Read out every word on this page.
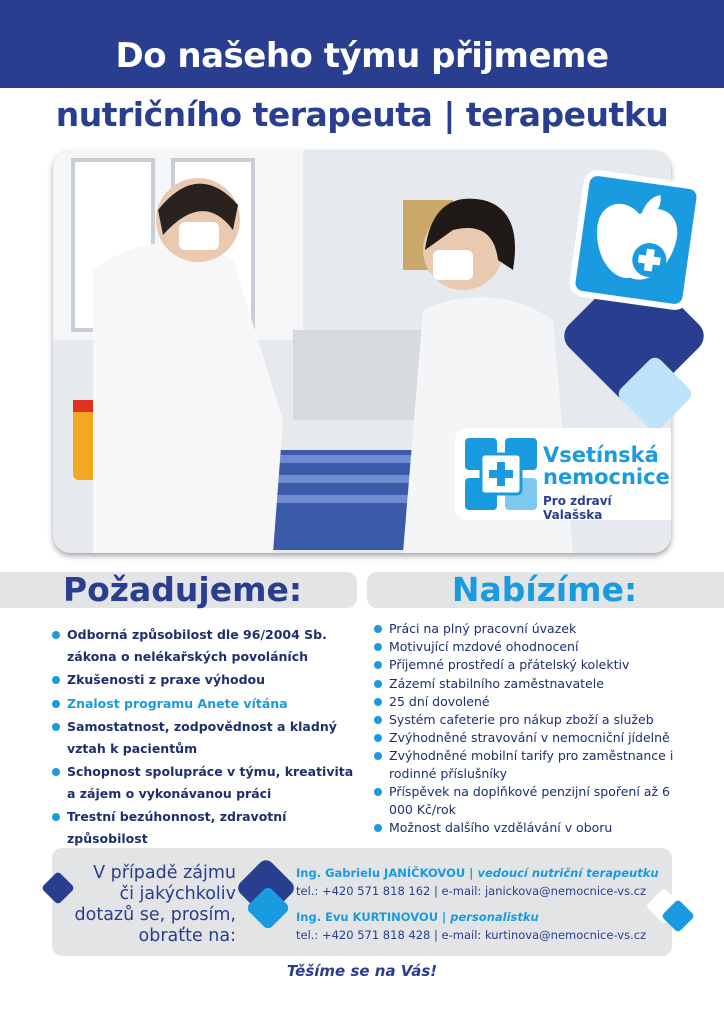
Do našeho týmu přijmeme
nutričního terapeuta | terapeutku
Vsetínská
nemocnice
Pro zdraví Valašska
Požadujeme:	Nabízíme:
Odborná způsobilost dle 96/2004 Sb. zákona o nelékařských povoláních
Zkušenosti z praxe výhodou
Znalost programu Anete vítána
Samostatnost, zodpovědnost a kladný vztah k pacientům
Schopnost spolupráce v týmu, kreativita a zájem o vykonávanou práci
Trestní bezúhonnost, zdravotní způsobilost
Práci na plný pracovní úvazek
Motivující mzdové ohodnocení
Příjemné prostředí a přátelský kolektiv
Zázemí stabilního zaměstnavatele
25 dní dovolené
Systém cafeterie pro nákup zboží a služeb
Zvýhodněné stravování v nemocniční jídelně
Zvýhodněné mobilní tarify pro zaměstnance i rodinné příslušníky
Příspěvek na doplňkové penzijní spoření až 6 000 Kč/rok
Možnost dalšího vzdělávání v oboru
V případě zájmu
či jakýchkoliv
dotazů se, prosím,
obraťte na:
Ing. Gabrielu JANÍČKOVOU | vedoucí nutriční terapeutku
tel.: +420 571 818 162 | e-mail: janickova@nemocnice-vs.cz
Ing. Evu KURTINOVOU | personalistku
tel.: +420 571 818 428 | e-mail: kurtinova@nemocnice-vs.cz
Těšíme se na Vás!
